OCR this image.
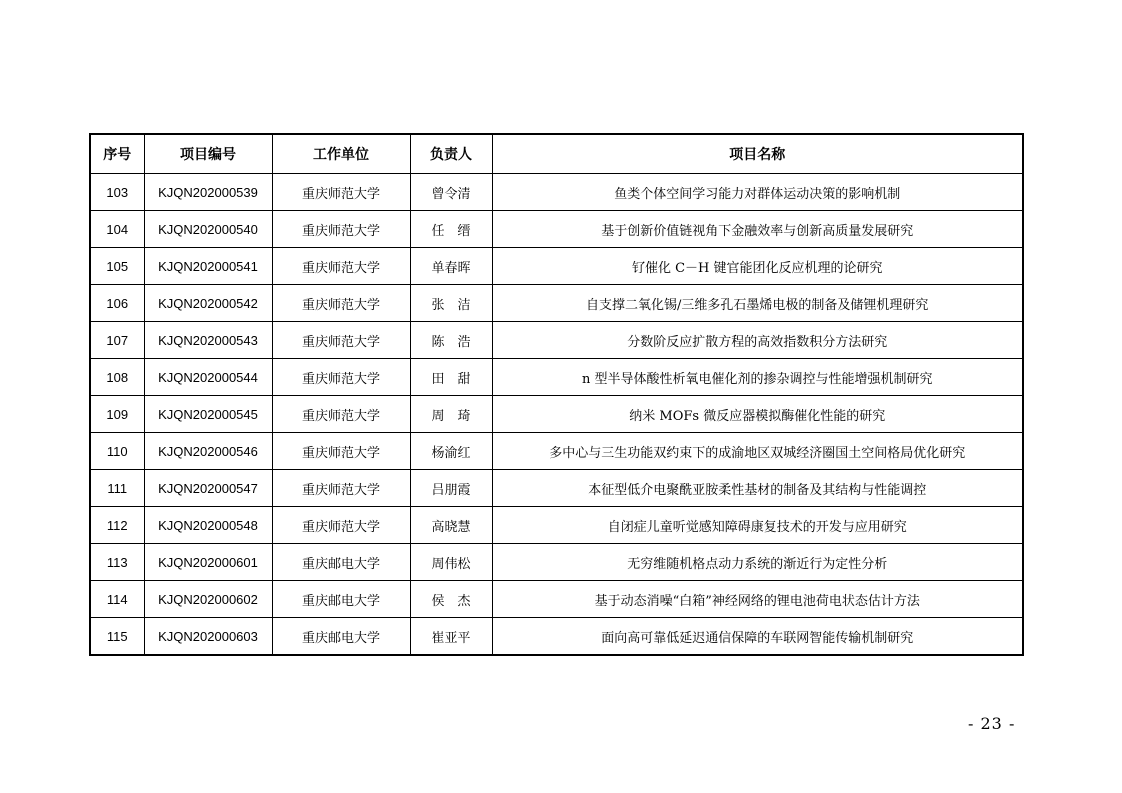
序号	项目编号	工作单位	负责人	项目名称
103	KJQN202000539	重庆师范大学	曾令清	鱼类个体空间学习能力对群体运动决策的影响机制
104	KJQN202000540	重庆师范大学	任　缙	基于创新价值链视角下金融效率与创新高质量发展研究
105	KJQN202000541	重庆师范大学	单春晖	钌催化 C－H 键官能团化反应机理的论研究
106	KJQN202000542	重庆师范大学	张　洁	自支撑二氧化锡/三维多孔石墨烯电极的制备及储锂机理研究
107	KJQN202000543	重庆师范大学	陈　浩	分数阶反应扩散方程的高效指数积分方法研究
108	KJQN202000544	重庆师范大学	田　甜	n 型半导体酸性析氧电催化剂的掺杂调控与性能增强机制研究
109	KJQN202000545	重庆师范大学	周　琦	纳米 MOFs 微反应器模拟酶催化性能的研究
110	KJQN202000546	重庆师范大学	杨渝红	多中心与三生功能双约束下的成渝地区双城经济圈国土空间格局优化研究
111	KJQN202000547	重庆师范大学	吕朋霞	本征型低介电聚酰亚胺柔性基材的制备及其结构与性能调控
112	KJQN202000548	重庆师范大学	高晓慧	自闭症儿童听觉感知障碍康复技术的开发与应用研究
113	KJQN202000601	重庆邮电大学	周伟松	无穷维随机格点动力系统的渐近行为定性分析
114	KJQN202000602	重庆邮电大学	侯　杰	基于动态消噪“白箱”神经网络的锂电池荷电状态估计方法
115	KJQN202000603	重庆邮电大学	崔亚平	面向高可靠低延迟通信保障的车联网智能传输机制研究
- 23 -
